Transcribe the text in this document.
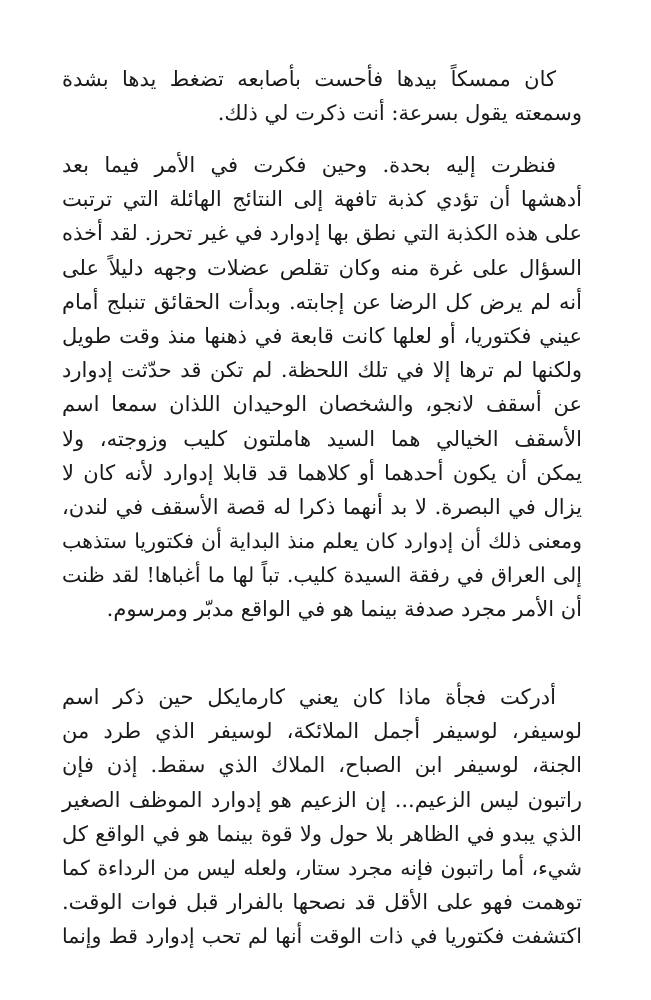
كان ممسكاً بيدها فأحست بأصابعه تضغط يدها بشدة
وسمعته يقول بسرعة: أنت ذكرت لي ذلك.
فنظرت إليه بحدة. وحين فكرت في الأمر فيما بعد
أدهشها أن تؤدي كذبة تافهة إلى النتائج الهائلة التي ترتبت
على هذه الكذبة التي نطق بها إدوارد في غير تحرز. لقد أخذه
السؤال على غرة منه وكان تقلص عضلات وجهه دليلاً على
أنه لم يرض كل الرضا عن إجابته. وبدأت الحقائق تنبلج أمام
عيني فكتوريا، أو لعلها كانت قابعة في ذهنها منذ وقت طويل
ولكنها لم ترها إلا في تلك اللحظة. لم تكن قد حدّثت إدوارد
عن أسقف لانجو، والشخصان الوحيدان اللذان سمعا اسم
الأسقف الخيالي هما السيد هاملتون كليب وزوجته، ولا
يمكن أن يكون أحدهما أو كلاهما قد قابلا إدوارد لأنه كان لا
يزال في البصرة. لا بد أنهما ذكرا له قصة الأسقف في لندن،
ومعنى ذلك أن إدوارد كان يعلم منذ البداية أن فكتوريا ستذهب
إلى العراق في رفقة السيدة كليب. تباً لها ما أغباها! لقد ظنت
أن الأمر مجرد صدفة بينما هو في الواقع مدبّر ومرسوم.
أدركت فجأة ماذا كان يعني كارمايكل حين ذكر اسم
لوسيفر، لوسيفر أجمل الملائكة، لوسيفر الذي طرد من
الجنة، لوسيفر ابن الصباح، الملاك الذي سقط. إذن فإن
راتبون ليس الزعيم... إن الزعيم هو إدوارد الموظف الصغير
الذي يبدو في الظاهر بلا حول ولا قوة بينما هو في الواقع كل
شيء، أما راتبون فإنه مجرد ستار، ولعله ليس من الرداءة كما
توهمت فهو على الأقل قد نصحها بالفرار قبل فوات الوقت.
اكتشفت فكتوريا في ذات الوقت أنها لم تحب إدوارد قط وإنما
